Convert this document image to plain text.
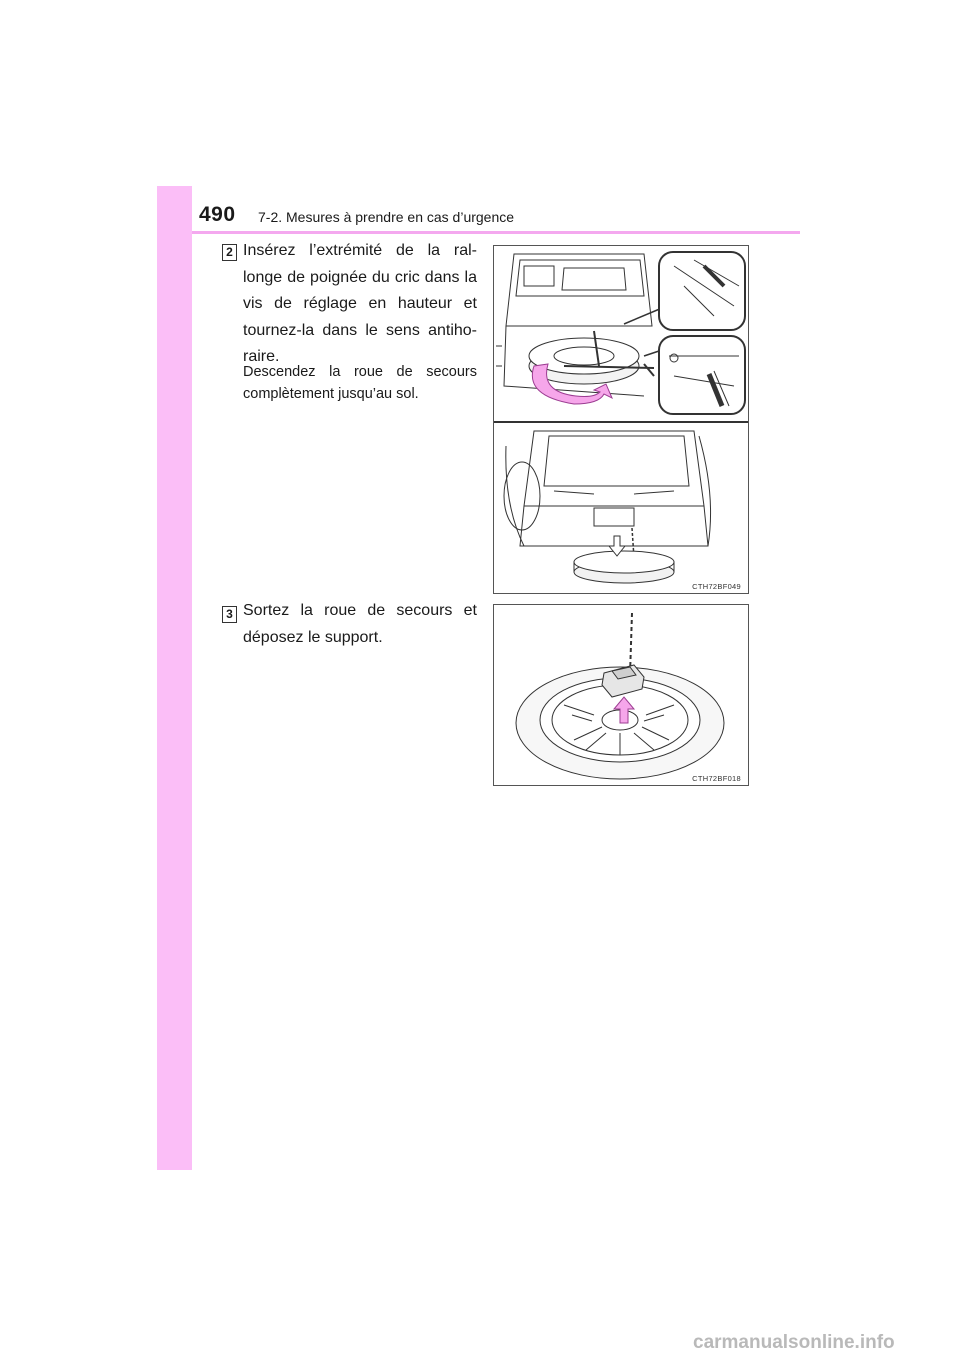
490 7-2. Mesures à prendre en cas d’urgence
2 Insérez l’extrémité de la ral-longe de poignée du cric dans la vis de réglage en hauteur et tournez-la dans le sens antiho-raire.
Descendez la roue de secours complètement jusqu’au sol.
CTH72BF049
3 Sortez la roue de secours et déposez le support.
CTH72BF018
carmanualsonline.info
